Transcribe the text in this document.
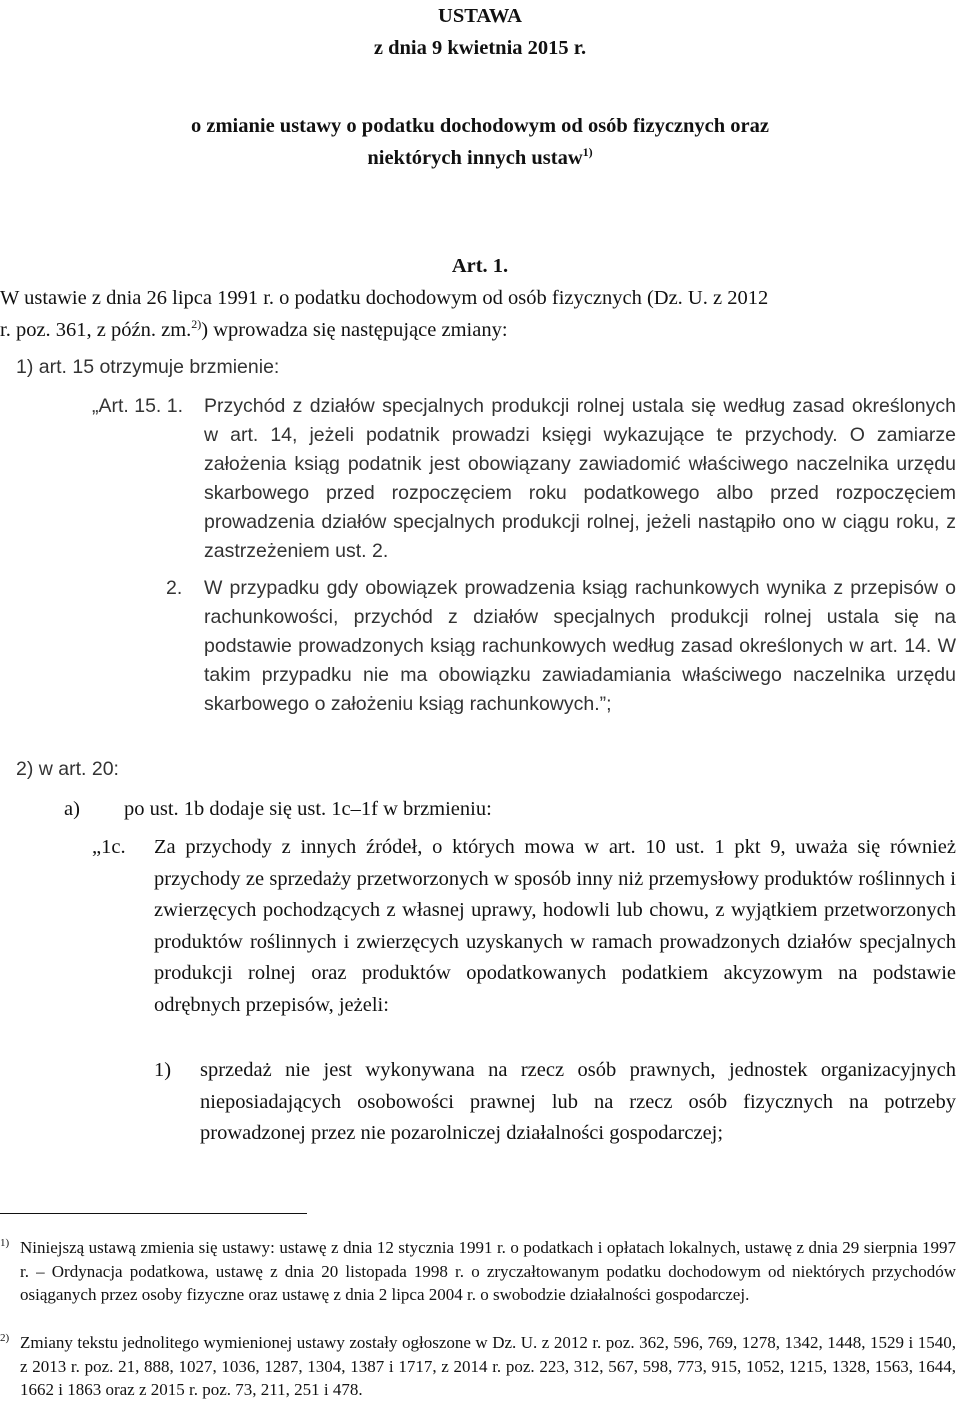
USTAWA
z dnia 9 kwietnia 2015 r.
o zmianie ustawy o podatku dochodowym od osób fizycznych oraz
niektórych innych ustaw$^{1)}$
Art. 1.
W ustawie z dnia 26 lipca 1991 r. o podatku dochodowym od osób fizycznych (Dz. U. z 2012
r. poz. 361, z późn. zm.$^{2)}$) wprowadza się następujące zmiany:
1) art. 15 otrzymuje brzmienie:
„Art. 15. 1.	Przychód z działów specjalnych produkcji rolnej ustala się według zasad określonych w art. 14, jeżeli podatnik prowadzi księgi wykazujące te przychody. O zamiarze założenia ksiąg podatnik jest obowiązany zawiadomić właściwego naczelnika urzędu skarbowego przed rozpoczęciem roku podatkowego albo przed rozpoczęciem prowadzenia działów specjalnych produkcji rolnej, jeżeli nastąpiło ono w ciągu roku, z zastrzeżeniem ust. 2.
2. W przypadku gdy obowiązek prowadzenia ksiąg rachunkowych wynika z przepisów o rachunkowości, przychód z działów specjalnych produkcji rolnej ustala się na podstawie prowadzonych ksiąg rachunkowych według zasad określonych w art. 14. W takim przypadku nie ma obowiązku zawiadamiania właściwego naczelnika urzędu skarbowego o założeniu ksiąg rachunkowych.”;
2) w art. 20:
a) po ust. 1b dodaje się ust. 1c–1f w brzmieniu:
„1c. Za przychody z innych źródeł, o których mowa w art. 10 ust. 1 pkt 9, uważa się również przychody ze sprzedaży przetworzonych w sposób inny niż przemysłowy produktów roślinnych i zwierzęcych pochodzących z własnej uprawy, hodowli lub chowu, z wyjątkiem przetworzonych produktów roślinnych i zwierzęcych uzyskanych w ramach prowadzonych działów specjalnych produkcji rolnej oraz produktów opodatkowanych podatkiem akcyzowym na podstawie odrębnych przepisów, jeżeli:
1) sprzedaż nie jest wykonywana na rzecz osób prawnych, jednostek organizacyjnych nieposiadających osobowości prawnej lub na rzecz osób fizycznych na potrzeby prowadzonej przez nie pozarolniczej działalności gospodarczej;
1) Niniejszą ustawą zmienia się ustawy: ustawę z dnia 12 stycznia 1991 r. o podatkach i opłatach lokalnych, ustawę z dnia 29 sierpnia 1997 r. – Ordynacja podatkowa, ustawę z dnia 20 listopada 1998 r. o zryczałtowanym podatku dochodowym od niektórych przychodów osiąganych przez osoby fizyczne oraz ustawę z dnia 2 lipca 2004 r. o swobodzie działalności gospodarczej.
2) Zmiany tekstu jednolitego wymienionej ustawy zostały ogłoszone w Dz. U. z 2012 r. poz. 362, 596, 769, 1278, 1342, 1448, 1529 i 1540, z 2013 r. poz. 21, 888, 1027, 1036, 1287, 1304, 1387 i 1717, z 2014 r. poz. 223, 312, 567, 598, 773, 915, 1052, 1215, 1328, 1563, 1644, 1662 i 1863 oraz z 2015 r. poz. 73, 211, 251 i 478.
